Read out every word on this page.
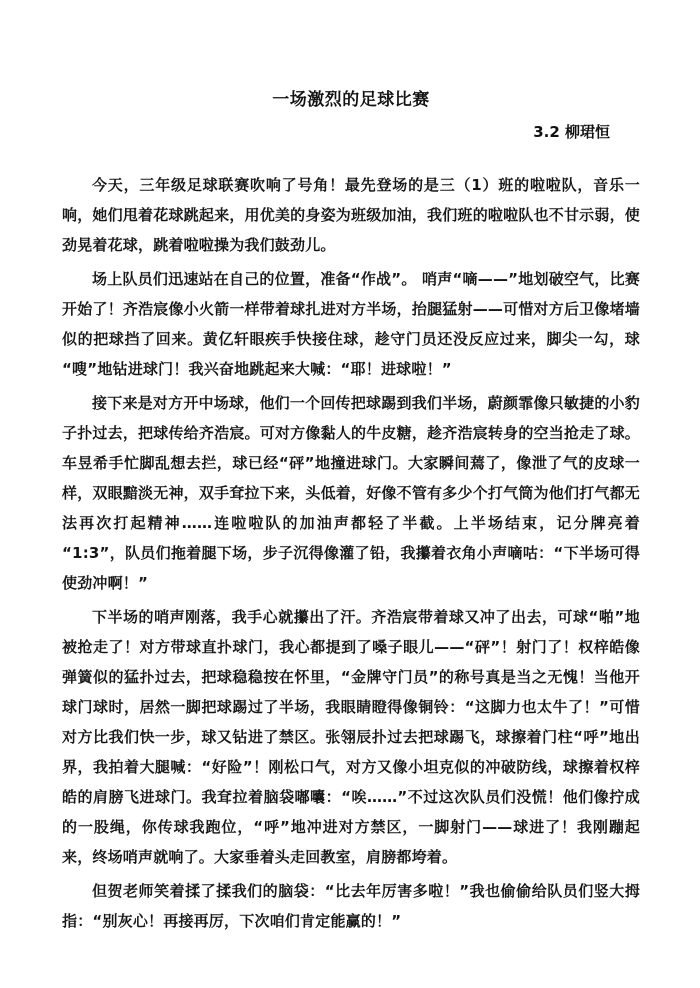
一场激烈的足球比赛
3.2 柳珺恒

今天，三年级足球联赛吹响了号角！最先登场的是三（1）班的啦啦队，音乐一响，她们甩着花球跳起来，用优美的身姿为班级加油，我们班的啦啦队也不甘示弱，使劲晃着花球，跳着啦啦操为我们鼓劲儿。

场上队员们迅速站在自己的位置，准备“作战”。 哨声“嘀——”地划破空气，比赛开始了！齐浩宸像小火箭一样带着球扎进对方半场，抬腿猛射——可惜对方后卫像堵墙似的把球挡了回来。黄亿轩眼疾手快接住球，趁守门员还没反应过来，脚尖一勾，球“嗖”地钻进球门！我兴奋地跳起来大喊：“耶！进球啦！”

接下来是对方开中场球，他们一个回传把球踢到我们半场，蔚颜霏像只敏捷的小豹子扑过去，把球传给齐浩宸。可对方像黏人的牛皮糖，趁齐浩宸转身的空当抢走了球。车昱希手忙脚乱想去拦，球已经“砰”地撞进球门。大家瞬间蔫了，像泄了气的皮球一样，双眼黯淡无神，双手耷拉下来，头低着，好像不管有多少个打气筒为他们打气都无法再次打起精神……连啦啦队的加油声都轻了半截。上半场结束，记分牌亮着“1:3”，队员们拖着腿下场，步子沉得像灌了铅，我攥着衣角小声嘀咕：“下半场可得使劲冲啊！”

下半场的哨声刚落，我手心就攥出了汗。齐浩宸带着球又冲了出去，可球“啪”地被抢走了！对方带球直扑球门，我心都提到了嗓子眼儿——“砰”！射门了！权梓皓像弹簧似的猛扑过去，把球稳稳按在怀里，“金牌守门员”的称号真是当之无愧！当他开球门球时，居然一脚把球踢过了半场，我眼睛瞪得像铜铃：“这脚力也太牛了！”可惜对方比我们快一步，球又钻进了禁区。张翎辰扑过去把球踢飞，球擦着门柱“呼”地出界，我拍着大腿喊：“好险”！刚松口气，对方又像小坦克似的冲破防线，球擦着权梓皓的肩膀飞进球门。我耷拉着脑袋嘟囔：“唉……”不过这次队员们没慌！他们像拧成的一股绳，你传球我跑位，“呼”地冲进对方禁区，一脚射门——球进了！我刚蹦起来，终场哨声就响了。大家垂着头走回教室，肩膀都垮着。

但贺老师笑着揉了揉我们的脑袋：“比去年厉害多啦！”我也偷偷给队员们竖大拇指：“别灰心！再接再厉，下次咱们肯定能赢的！”
